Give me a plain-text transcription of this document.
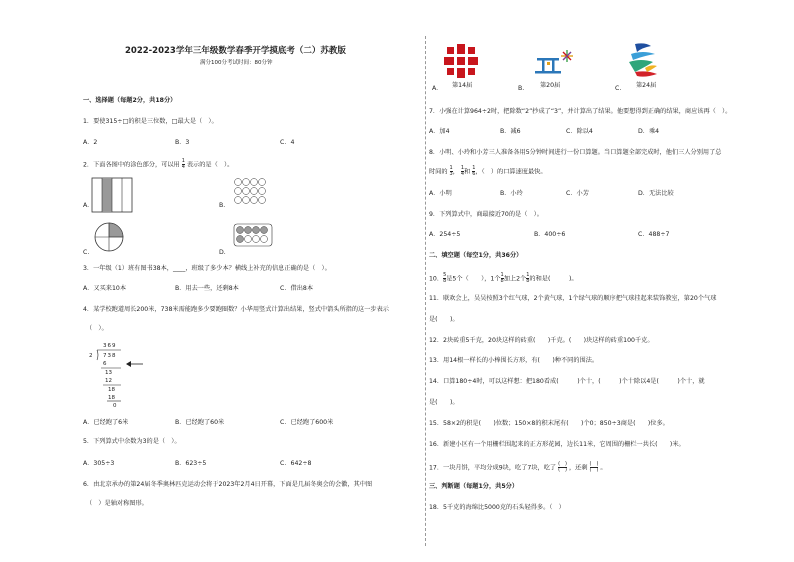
2022-2023学年三年级数学春季开学摸底考（二）苏教版
满分100分考试时间：80分钟
一、选择题（每题2分，共18分）
1．要使315÷□的积是三位数，□最大是（　）。
A．2	B．3	C．4
2．下面各图中的涂色部分，可以用 $\frac{1}{4}$ 表示的是（　）。
A.	B.
C.	D.
3．一年级（1）班有图书38本，____，班级了多少本？横线上补充的信息正确的是（　）。
A．又买来10本	B．用去一些，还剩8本	C．借出8本
4．某学校跑道周长200米，738米需能跑多少要跑圈数？小华用竖式计算出结果，竖式中箭头所指的这一步表示
（　）。
369
2 738
6
13
12
18
18
0
A．已经跑了6米	B．已经跑了60米	C．已经跑了600米
5．下列算式中余数为3的是（　）。
A．305÷3	B．623÷5	C．642÷8
6．由北京承办的第24届冬季奥林匹克运动会将于2023年2月4日开幕，下面是几届冬奥会的会徽，其中图
（　）是轴对称图形。
A. 第14届	B.	第20届	C. 第24届
7．小强在计算964÷2时，把除数“2”抄成了“3”，并计算出了结果。他要想得到正确的结果，商应该再（　）。
A．加4	B．减6	C．除以4	D．乘4
8．小明、小玲和小芳三人准备各用5分钟时间进行一份口算题。当口算题全部完成时，他们三人分别用了总
时间的 $\frac{1}{3}$ ， $\frac{1}{4}$ 和 $\frac{1}{6}$ ，（　）的口算速度最快。
A．小明	B．小玲	C．小芳	D．无法比较
9．下列算式中，商最接近70的是（　）。
A．254÷5	B．400÷6	C．488÷7
二、填空题（每空1分，共36分）
10． $\frac{5}{8}$ 是5个（　　），1个 $\frac{1}{8}$ 加上2个 $\frac{1}{8}$ 的和是(　　　)。
11．联欢会上，吴吴按照3个红气球，2个黄气球，1个绿气球的顺序把气球挂起来装饰教室，第20个气球
是(　　)。
12．2块砖重5千克，20块这样的砖重(　　)千克。(　　)块这样的砖重100千克。
13．用14根一样长的小棒围长方形，有(　　)种不同的围法。
14．口算180÷4时，可以这样想：把180看成(　　　)个十，(　　　)个十除以4是(　　　)个十，就
是(　　)。
15．58×2的积是(　　)位数；150×8的积末尾有(　　)个0；850÷3商是(　　)位多。
16．新建小区有一个用栅栏围起来的正方形花园，边长11米，它周围的栅栏一共长(　　)米。
17．一块月饼，平均分成9块，吃了7块，吃了 $\frac{( )}{( )}$ ，还剩 $\frac{( )}{( )}$ 。
三、判断题（每题1分，共5分）
18．5千克的海绵比5000克的石头轻得多。（　）
